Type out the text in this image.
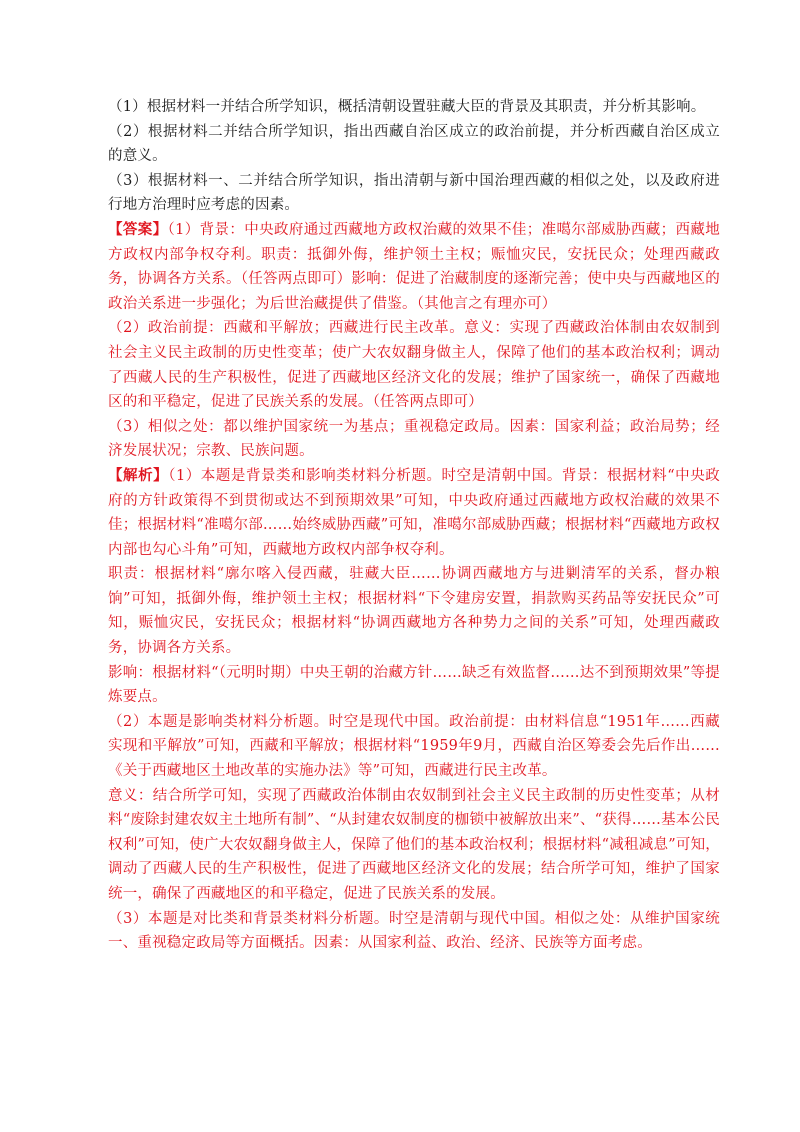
（1）根据材料一并结合所学知识，概括清朝设置驻藏大臣的背景及其职责，并分析其影响。

（2）根据材料二并结合所学知识，指出西藏自治区成立的政治前提，并分析西藏自治区成立的意义。

（3）根据材料一、二并结合所学知识，指出清朝与新中国治理西藏的相似之处，以及政府进行地方治理时应考虑的因素。

【答案】（1）背景：中央政府通过西藏地方政权治藏的效果不佳；准噶尔部威胁西藏；西藏地方政权内部争权夺利。职责：抵御外侮，维护领土主权；赈恤灾民，安抚民众；处理西藏政务，协调各方关系。（任答两点即可）影响：促进了治藏制度的逐渐完善；使中央与西藏地区的政治关系进一步强化；为后世治藏提供了借鉴。（其他言之有理亦可）

（2）政治前提：西藏和平解放；西藏进行民主改革。意义：实现了西藏政治体制由农奴制到社会主义民主政制的历史性变革；使广大农奴翻身做主人，保障了他们的基本政治权利；调动了西藏人民的生产积极性，促进了西藏地区经济文化的发展；维护了国家统一，确保了西藏地区的和平稳定，促进了民族关系的发展。（任答两点即可）

（3）相似之处：都以维护国家统一为基点；重视稳定政局。因素：国家利益；政治局势；经济发展状况；宗教、民族问题。

【解析】（1）本题是背景类和影响类材料分析题。时空是清朝中国。背景：根据材料“中央政府的方针政策得不到贯彻或达不到预期效果”可知，中央政府通过西藏地方政权治藏的效果不佳；根据材料“准噶尔部……始终威胁西藏”可知，准噶尔部威胁西藏；根据材料“西藏地方政权内部也勾心斗角”可知，西藏地方政权内部争权夺利。

职责：根据材料“廓尔喀入侵西藏，驻藏大臣……协调西藏地方与进剿清军的关系，督办粮饷”可知，抵御外侮，维护领土主权；根据材料“下令建房安置，捐款购买药品等安抚民众”可知，赈恤灾民，安抚民众；根据材料“协调西藏地方各种势力之间的关系”可知，处理西藏政务，协调各方关系。

影响：根据材料“（元明时期）中央王朝的治藏方针……缺乏有效监督……达不到预期效果”等提炼要点。

（2）本题是影响类材料分析题。时空是现代中国。政治前提：由材料信息“1951年……西藏实现和平解放”可知，西藏和平解放；根据材料“1959年9月，西藏自治区筹委会先后作出……《关于西藏地区土地改革的实施办法》等”可知，西藏进行民主改革。

意义：结合所学可知，实现了西藏政治体制由农奴制到社会主义民主政制的历史性变革；从材料“废除封建农奴主土地所有制”、“从封建农奴制度的枷锁中被解放出来”、“获得……基本公民权利”可知，使广大农奴翻身做主人，保障了他们的基本政治权利；根据材料“减租减息”可知，调动了西藏人民的生产积极性，促进了西藏地区经济文化的发展；结合所学可知，维护了国家统一，确保了西藏地区的和平稳定，促进了民族关系的发展。

（3）本题是对比类和背景类材料分析题。时空是清朝与现代中国。相似之处：从维护国家统一、重视稳定政局等方面概括。因素：从国家利益、政治、经济、民族等方面考虑。
